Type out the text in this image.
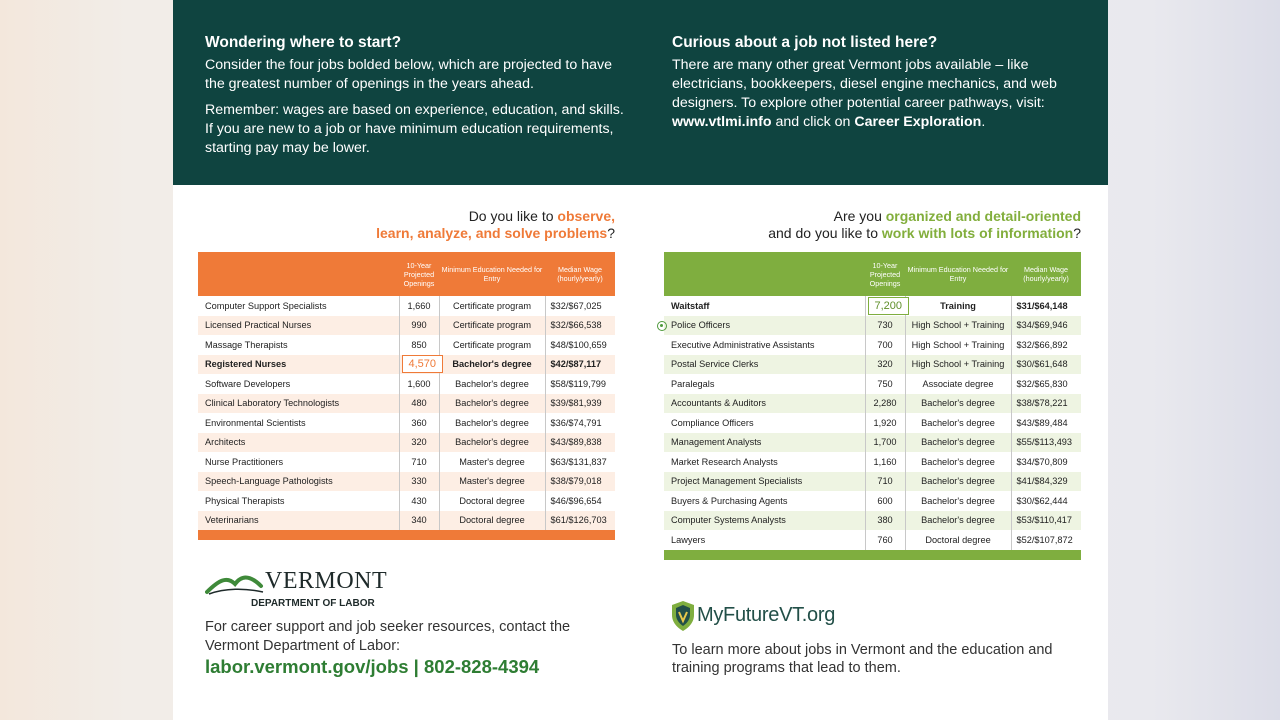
Wondering where to start?

Consider the four jobs bolded below, which are projected to have the greatest number of openings in the years ahead.

Remember: wages are based on experience, education, and skills. If you are new to a job or have minimum education requirements, starting pay may be lower.

Curious about a job not listed here?

There are many other great Vermont jobs available – like electricians, bookkeepers, diesel engine mechanics, and web designers. To explore other potential career pathways, visit: www.vtlmi.info and click on Career Exploration.

Do you like to observe,
learn, analyze, and solve problems?
Are you organized and detail-oriented
and do you like to work with lots of information?
	10-Year Projected Openings	Minimum Education Needed for Entry	Median Wage (hourly/yearly)
Computer Support Specialists	1,660	Certificate program	$32/$67,025
Licensed Practical Nurses	990	Certificate program	$32/$66,538
Massage Therapists	850	Certificate program	$48/$100,659
Registered Nurses	4,570	Bachelor's degree	$42/$87,117
Software Developers	1,600	Bachelor's degree	$58/$119,799
Clinical Laboratory Technologists	480	Bachelor's degree	$39/$81,939
Environmental Scientists	360	Bachelor's degree	$36/$74,791
Architects	320	Bachelor's degree	$43/$89,838
Nurse Practitioners	710	Master's degree	$63/$131,837
Speech-Language Pathologists	330	Master's degree	$38/$79,018
Physical Therapists	430	Doctoral degree	$46/$96,654
Veterinarians	340	Doctoral degree	$61/$126,703

	10-Year Projected Openings	Minimum Education Needed for Entry	Median Wage (hourly/yearly)
Waitstaff	7,200	Training	$31/$64,148
Police Officers	730	High School + Training	$34/$69,946
Executive Administrative Assistants	700	High School + Training	$32/$66,892
Postal Service Clerks	320	High School + Training	$30/$61,648
Paralegals	750	Associate degree	$32/$65,830
Accountants & Auditors	2,280	Bachelor's degree	$38/$78,221
Compliance Officers	1,920	Bachelor's degree	$43/$89,484
Management Analysts	1,700	Bachelor's degree	$55/$113,493
Market Research Analysts	1,160	Bachelor's degree	$34/$70,809
Project Management Specialists	710	Bachelor's degree	$41/$84,329
Buyers & Purchasing Agents	600	Bachelor's degree	$30/$62,444
Computer Systems Analysts	380	Bachelor's degree	$53/$110,417
Lawyers	760	Doctoral degree	$52/$107,872

VERMONT
DEPARTMENT OF LABOR
For career support and job seeker resources, contact the Vermont Department of Labor:
labor.vermont.gov/jobs | 802-828-4394
MyFutureVT.org
To learn more about jobs in Vermont and the education and training programs that lead to them.
